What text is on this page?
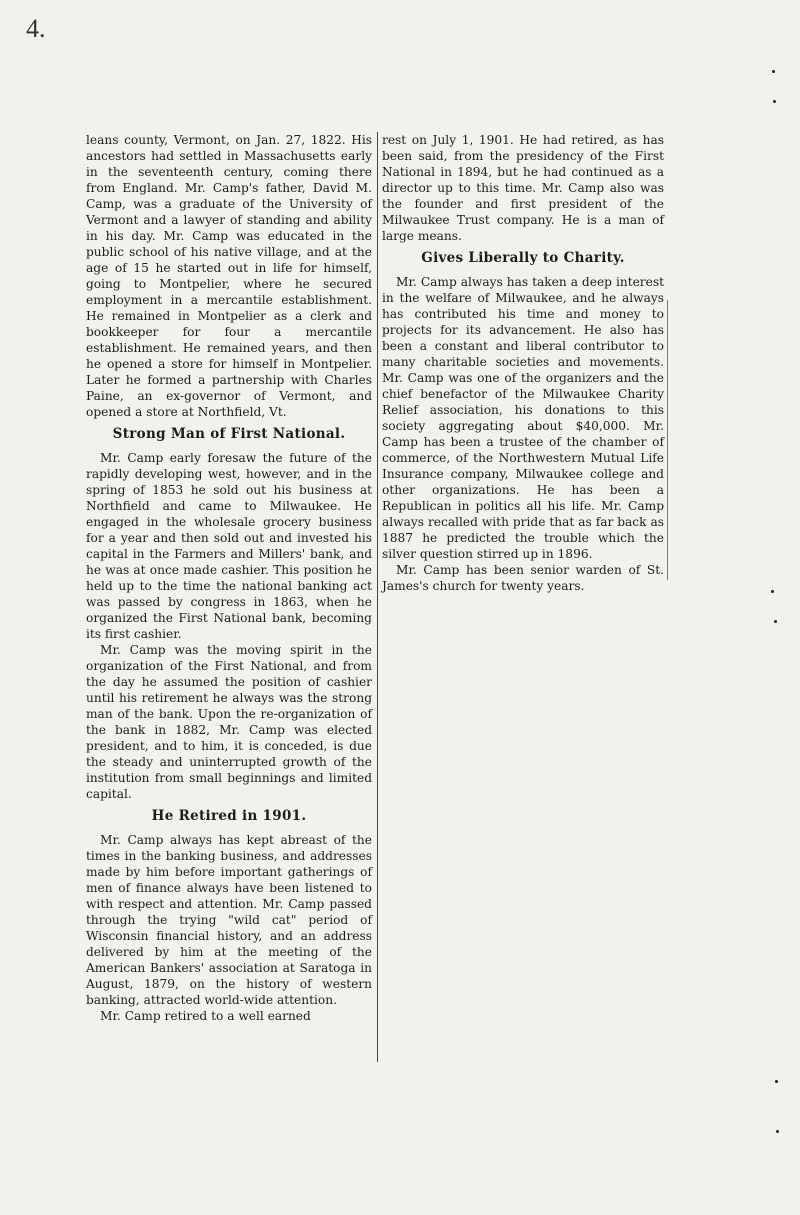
4.

leans county, Vermont, on Jan. 27, 1822. His ancestors had settled in Massachusetts early in the seventeenth century, coming there from England. Mr. Camp's father, David M. Camp, was a graduate of the University of Vermont and a lawyer of standing and ability in his day. Mr. Camp was educated in the public school of his native village, and at the age of 15 he started out in life for himself, going to Montpelier, where he secured employment in a mercantile establishment. He remained in Montpelier as a clerk and bookkeeper for four a mercantile establishment. He remained years, and then he opened a store for himself in Montpelier. Later he formed a partnership with Charles Paine, an ex-governor of Vermont, and opened a store at Northfield, Vt.

Strong Man of First National.

Mr. Camp early foresaw the future of the rapidly developing west, however, and in the spring of 1853 he sold out his business at Northfield and came to Milwaukee. He engaged in the wholesale grocery business for a year and then sold out and invested his capital in the Farmers and Millers' bank, and he was at once made cashier. This position he held up to the time the national banking act was passed by congress in 1863, when he organized the First National bank, becoming its first cashier.

Mr. Camp was the moving spirit in the organization of the First National, and from the day he assumed the position of cashier until his retirement he always was the strong man of the bank. Upon the re-organization of the bank in 1882, Mr. Camp was elected president, and to him, it is conceded, is due the steady and uninterrupted growth of the institution from small beginnings and limited capital.

He Retired in 1901.

Mr. Camp always has kept abreast of the times in the banking business, and addresses made by him before important gatherings of men of finance always have been listened to with respect and attention. Mr. Camp passed through the trying "wild cat" period of Wisconsin financial history, and an address delivered by him at the meeting of the American Bankers' association at Saratoga in August, 1879, on the history of western banking, attracted world-wide attention.

Mr. Camp retired to a well earned

rest on July 1, 1901. He had retired, as has been said, from the presidency of the First National in 1894, but he had continued as a director up to this time. Mr. Camp also was the founder and first president of the Milwaukee Trust company. He is a man of large means.

Gives Liberally to Charity.

Mr. Camp always has taken a deep interest in the welfare of Milwaukee, and he always has contributed his time and money to projects for its advancement. He also has been a constant and liberal contributor to many charitable societies and movements. Mr. Camp was one of the organizers and the chief benefactor of the Milwaukee Charity Relief association, his donations to this society aggregating about $40,000. Mr. Camp has been a trustee of the chamber of commerce, of the Northwestern Mutual Life Insurance company, Milwaukee college and other organizations. He has been a Republican in politics all his life. Mr. Camp always recalled with pride that as far back as 1887 he predicted the trouble which the silver question stirred up in 1896.

Mr. Camp has been senior warden of St. James's church for twenty years.
